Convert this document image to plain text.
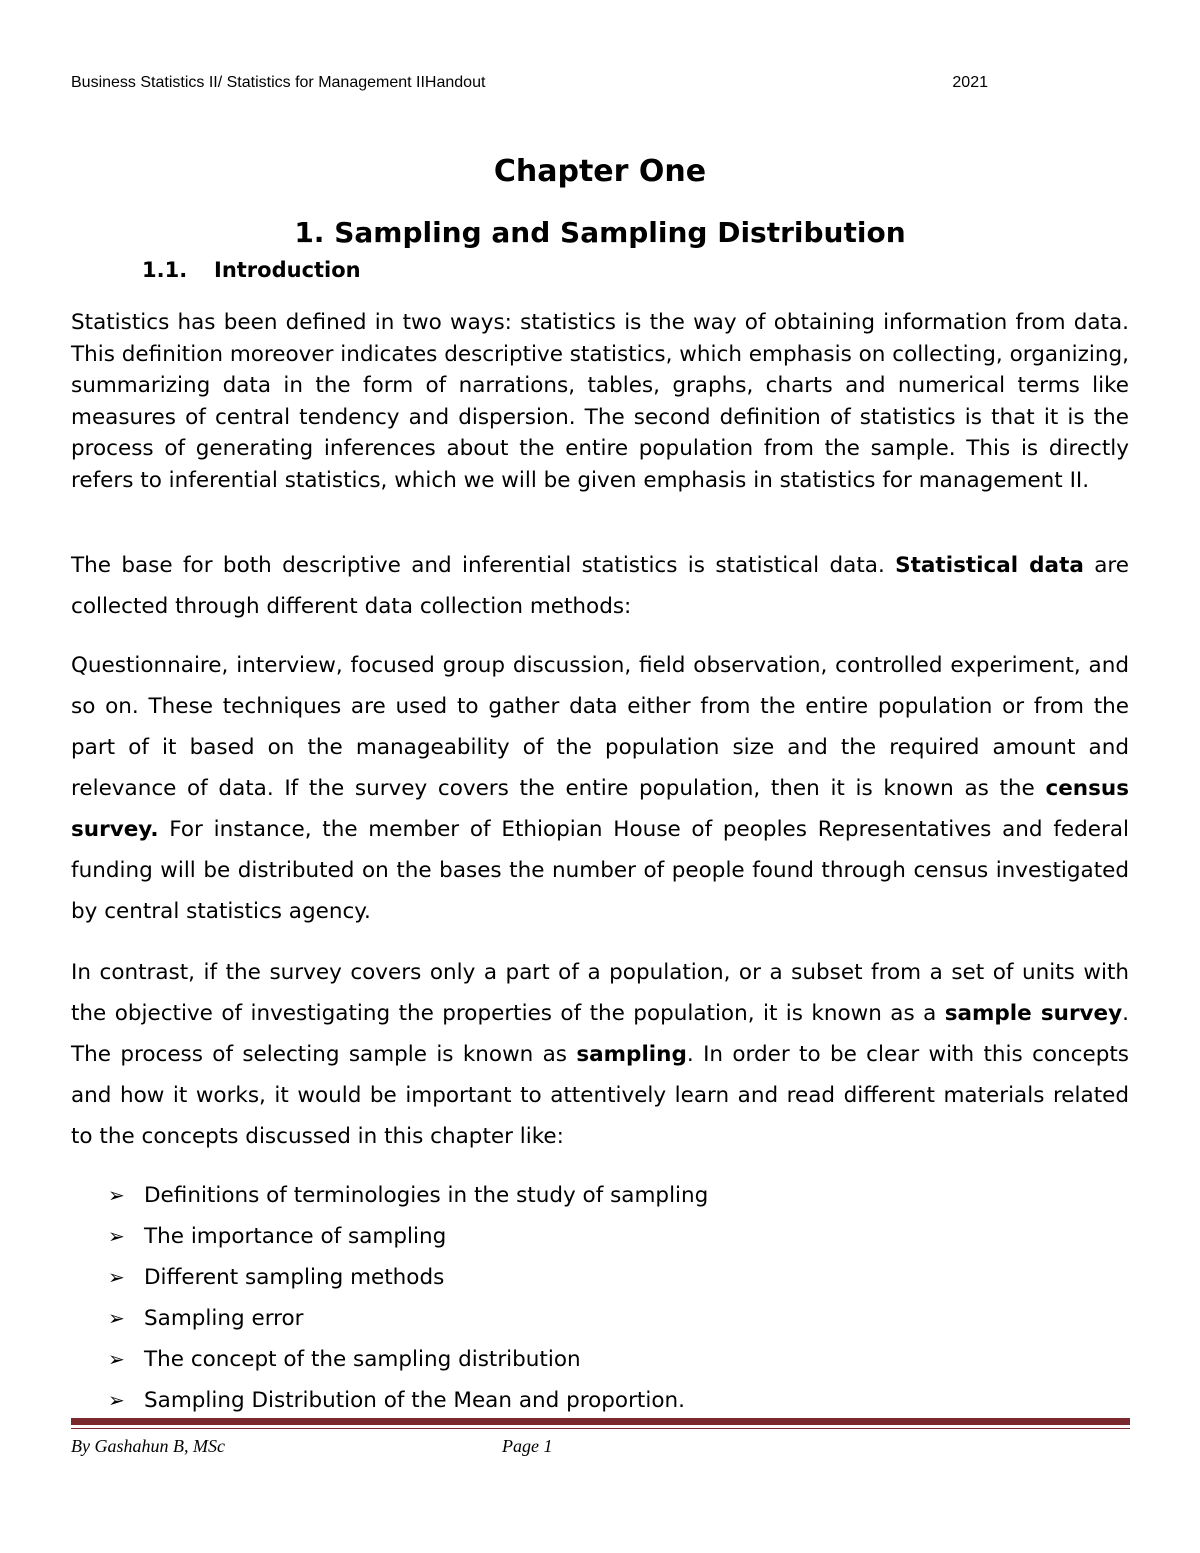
Business Statistics II/ Statistics for Management IIHandout	2021
Chapter One
1. Sampling and Sampling Distribution
1.1. Introduction

Statistics has been defined in two ways: statistics is the way of obtaining information from data. This definition moreover indicates descriptive statistics, which emphasis on collecting, organizing, summarizing data in the form of narrations, tables, graphs, charts and numerical terms like measures of central tendency and dispersion. The second definition of statistics is that it is the process of generating inferences about the entire population from the sample. This is directly refers to inferential statistics, which we will be given emphasis in statistics for management II.

The base for both descriptive and inferential statistics is statistical data. Statistical data are collected through different data collection methods:

Questionnaire, interview, focused group discussion, field observation, controlled experiment, and so on. These techniques are used to gather data either from the entire population or from the part of it based on the manageability of the population size and the required amount and relevance of data. If the survey covers the entire population, then it is known as the census survey. For instance, the member of Ethiopian House of peoples Representatives and federal funding will be distributed on the bases the number of people found through census investigated by central statistics agency.

In contrast, if the survey covers only a part of a population, or a subset from a set of units with the objective of investigating the properties of the population, it is known as a sample survey. The process of selecting sample is known as sampling. In order to be clear with this concepts and how it works, it would be important to attentively learn and read different materials related to the concepts discussed in this chapter like:

➢ Definitions of terminologies in the study of sampling
➢ The importance of sampling
➢ Different sampling methods
➢ Sampling error
➢ The concept of the sampling distribution
➢ Sampling Distribution of the Mean and proportion.
By Gashahun B, MSc	Page 1
